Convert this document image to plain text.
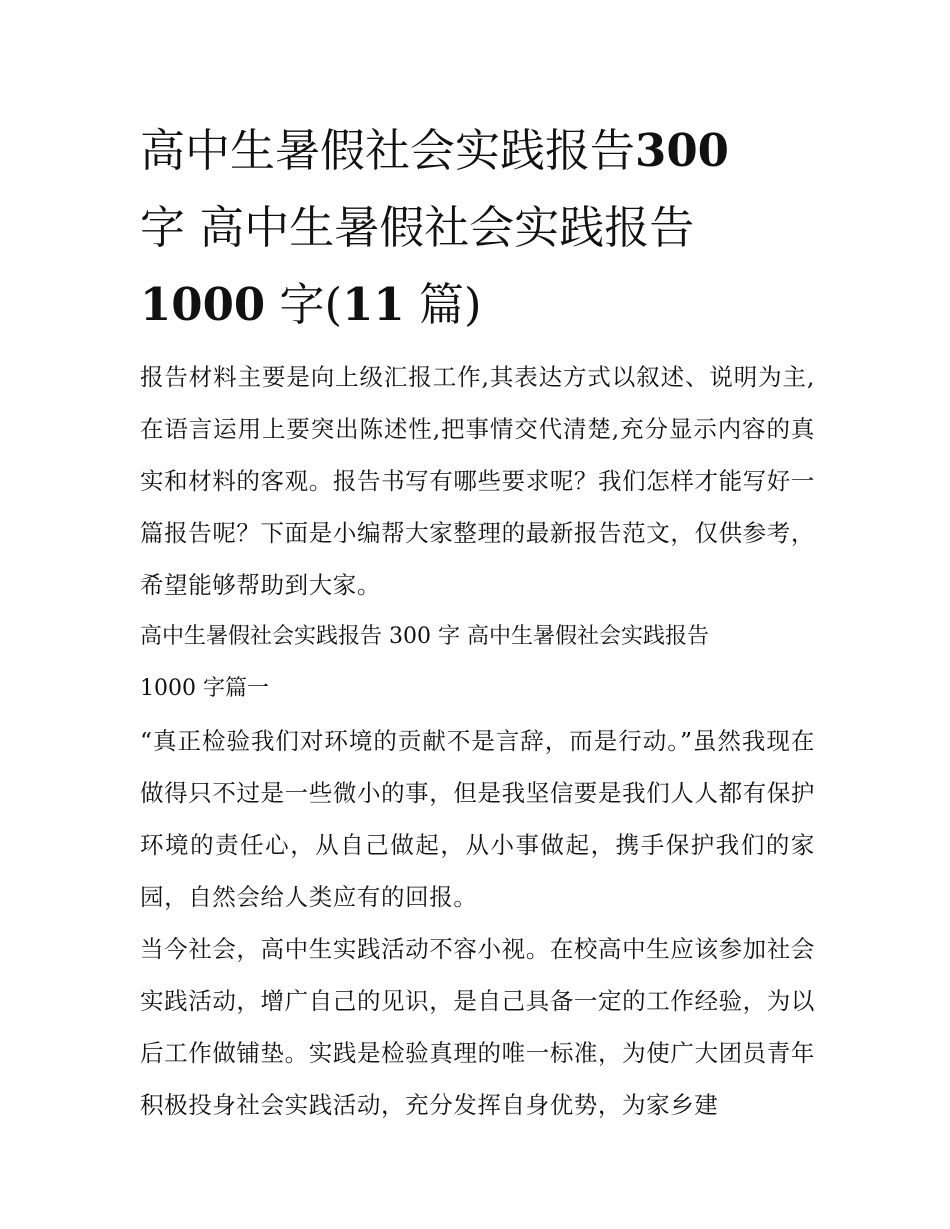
高中生暑假社会实践报告300
字 高中生暑假社会实践报告
1000 字(11 篇)

报告材料主要是向上级汇报工作,其表达方式以叙述、说明为主,在语言运用上要突出陈述性,把事情交代清楚,充分显示内容的真实和材料的客观。报告书写有哪些要求呢？我们怎样才能写好一篇报告呢？下面是小编帮大家整理的最新报告范文，仅供参考，希望能够帮助到大家。

高中生暑假社会实践报告 300 字 高中生暑假社会实践报告

1000 字篇一

“真正检验我们对环境的贡献不是言辞，而是行动。”虽然我现在做得只不过是一些微小的事，但是我坚信要是我们人人都有保护环境的责任心，从自己做起，从小事做起，携手保护我们的家园，自然会给人类应有的回报。

当今社会，高中生实践活动不容小视。在校高中生应该参加社会实践活动，增广自己的见识，是自己具备一定的工作经验，为以后工作做铺垫。实践是检验真理的唯一标准，为使广大团员青年积极投身社会实践活动，充分发挥自身优势，为家乡建
